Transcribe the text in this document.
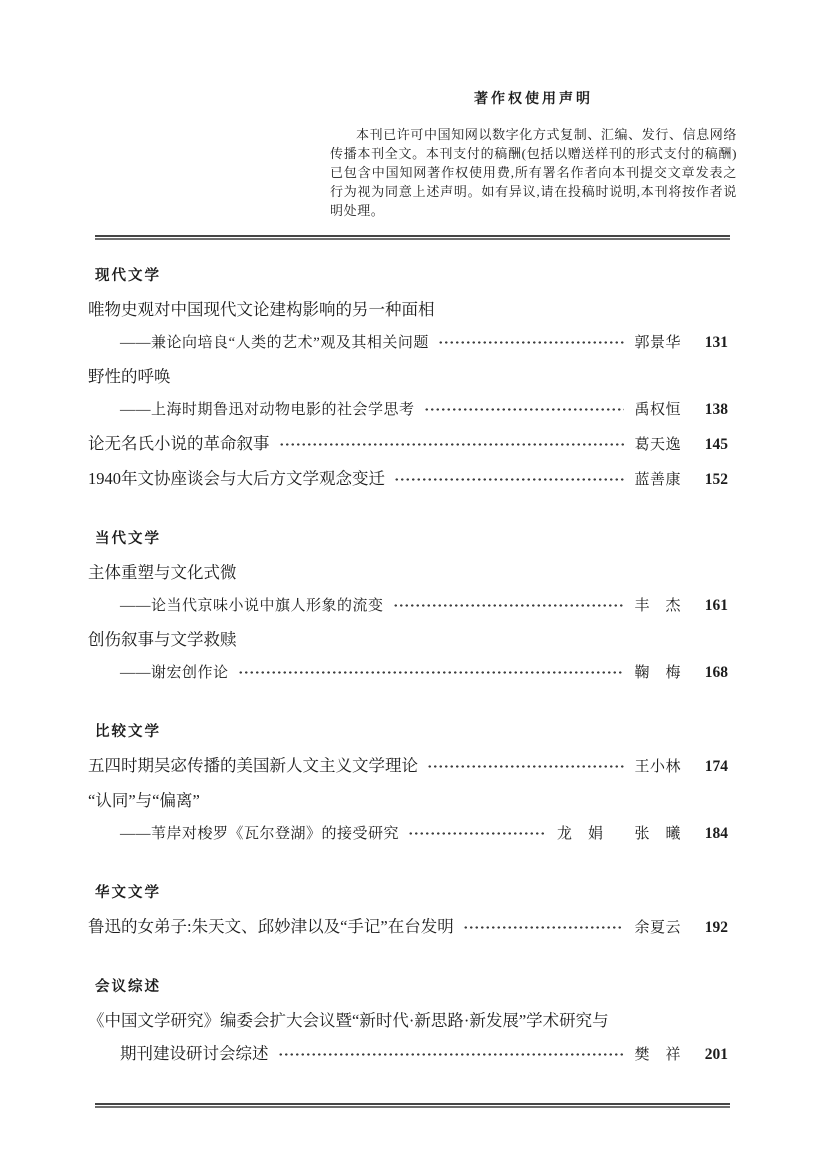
著作权使用声明

本刊已许可中国知网以数字化方式复制、汇编、发行、信息网络传播本刊全文。本刊支付的稿酬(包括以赠送样刊的形式支付的稿酬)已包含中国知网著作权使用费,所有署名作者向本刊提交文章发表之行为视为同意上述声明。如有异议,请在投稿时说明,本刊将按作者说明处理。

现代文学
唯物史观对中国现代文论建构影响的另一种面相
——兼论向培良“人类的艺术”观及其相关问题	郭景华	131
野性的呼唤
——上海时期鲁迅对动物电影的社会学思考	禹权恒	138
论无名氏小说的革命叙事	葛天逸	145
1940年文协座谈会与大后方文学观念变迁	蓝善康	152
当代文学
主体重塑与文化式微
——论当代京味小说中旗人形象的流变	丰　杰	161
创伤叙事与文学救赎
——谢宏创作论	鞠　梅	168
比较文学
五四时期吴宓传播的美国新人文主义文学理论	王小林	174
“认同”与“偏离”
——苇岸对梭罗《瓦尔登湖》的接受研究	龙　娟　　张　曦	184
华文文学
鲁迅的女弟子:朱天文、邱妙津以及“手记”在台发明	余夏云	192
会议综述
《中国文学研究》编委会扩大会议暨“新时代·新思路·新发展”学术研究与
期刊建设研讨会综述	樊　祥	201
